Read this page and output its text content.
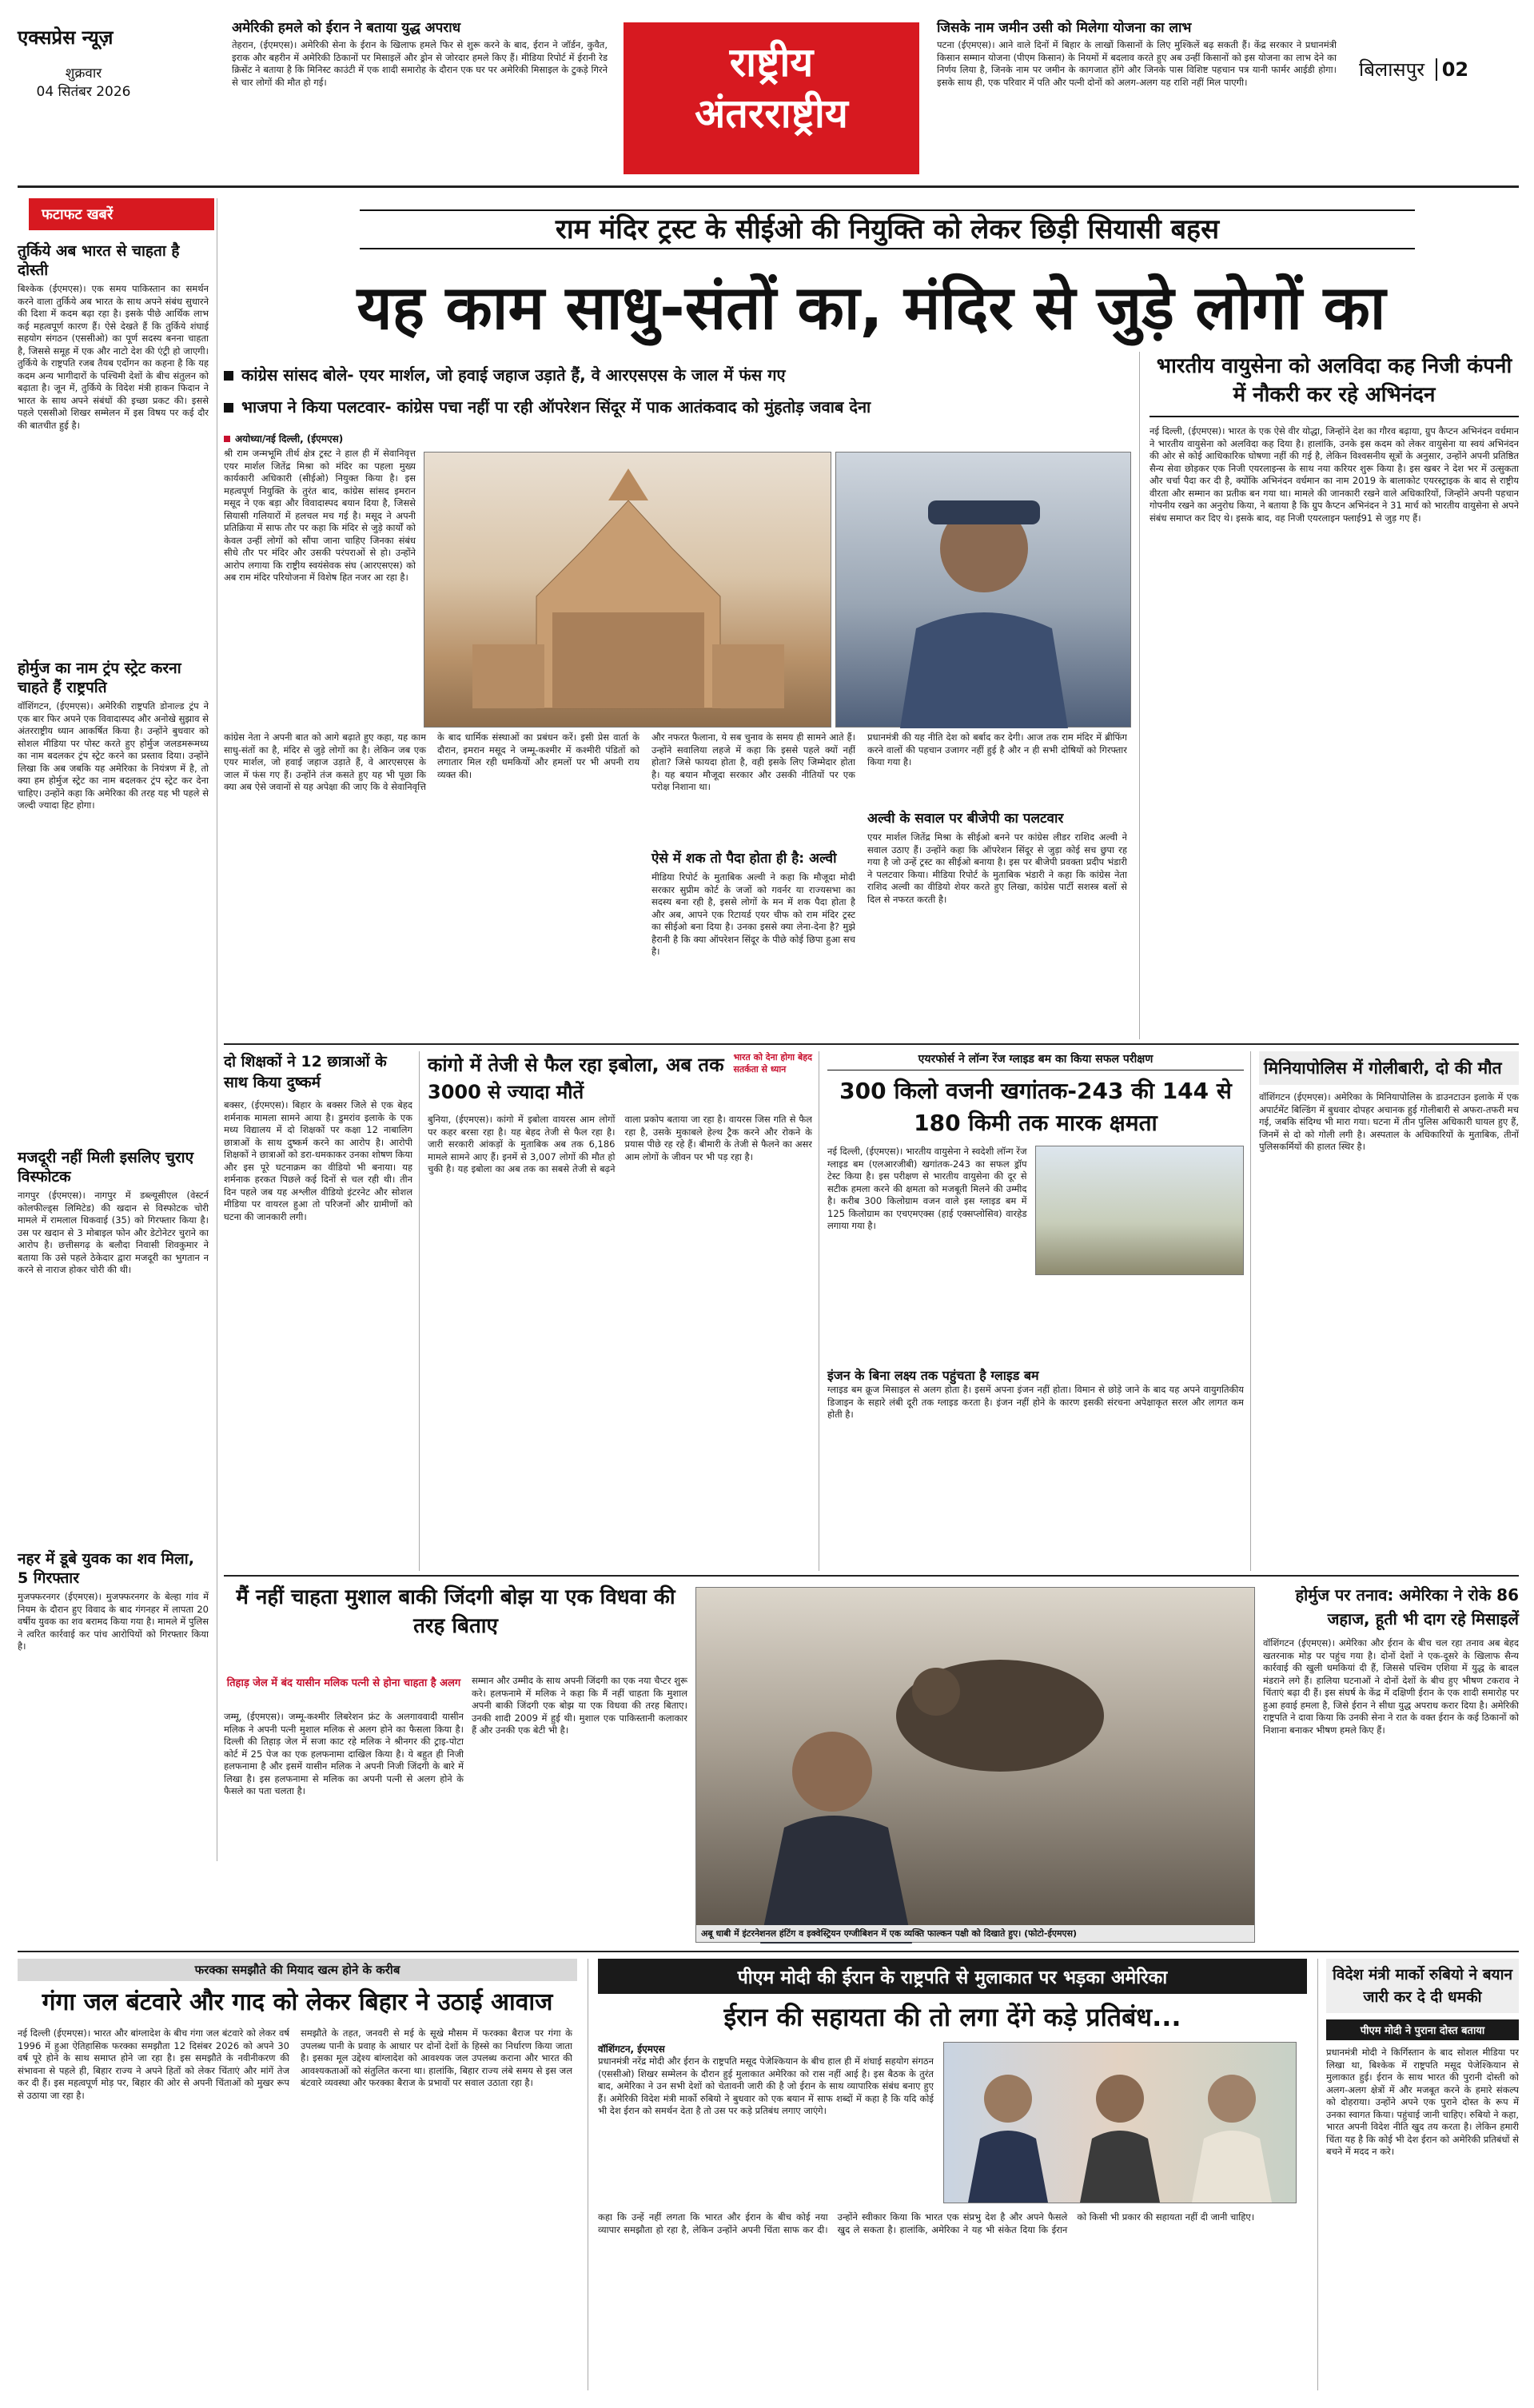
एक्सप्रेस न्यूज़
शुक्रवार
04 सितंबर 2026
अमेरिकी हमले को ईरान ने बताया युद्ध अपराध
तेहरान, (ईएमएस)। अमेरिकी सेना के ईरान के खिलाफ हमले फिर से शुरू करने के बाद, ईरान ने जॉर्डन, कुवैत, इराक और बहरीन में अमेरिकी ठिकानों पर मिसाइलें और ड्रोन से जोरदार हमले किए हैं। मीडिया रिपोर्ट में ईरानी रेड क्रिसेंट ने बताया है कि मिनिस्ट काउंटी में एक शादी समारोह के दौरान एक घर पर अमेरिकी मिसाइल के टुकड़े गिरने से चार लोगों की मौत हो गई।	राष्ट्रीय
अंतरराष्ट्रीय
जिसके नाम जमीन उसी को मिलेगा योजना का लाभ
पटना (ईएमएस)। आने वाले दिनों में बिहार के लाखों किसानों के लिए मुश्किलें बढ़ सकती हैं। केंद्र सरकार ने प्रधानमंत्री किसान सम्मान योजना (पीएम किसान) के नियमों में बदलाव करते हुए अब उन्हीं किसानों को इस योजना का लाभ देने का निर्णय लिया है, जिनके नाम पर जमीन के कागजात होंगे और जिनके पास विशिष्ट पहचान पत्र यानी फार्मर आईडी होगा। इसके साथ ही, एक परिवार में पति और पत्नी दोनों को अलग-अलग यह राशि नहीं मिल पाएगी।
बिलासपुर 02
फटाफट खबरें
तुर्किये अब भारत से चाहता है दोस्ती
बिश्केक (ईएमएस)। एक समय पाकिस्तान का समर्थन करने वाला तुर्किये अब भारत के साथ अपने संबंध सुधारने की दिशा में कदम बढ़ा रहा है। इसके पीछे आर्थिक लाभ कई महत्वपूर्ण कारण हैं। ऐसे देखते हैं कि तुर्किये शंघाई सहयोग संगठन (एससीओ) का पूर्ण सदस्य बनना चाहता है, जिससे समूह में एक और नाटो देश की एंट्री हो जाएगी। तुर्किये के राष्ट्रपति रजब तैयब एर्दोगन का कहना है कि यह कदम अन्य भागीदारों के पश्चिमी देशों के बीच संतुलन को बढ़ाता है। जून में, तुर्किये के विदेश मंत्री हाकन फिदान ने भारत के साथ अपने संबंधों की इच्छा प्रकट की। इससे पहले एससीओ शिखर सम्मेलन में इस विषय पर कई दौर की बातचीत हुई है।
होर्मुज का नाम ट्रंप स्ट्रेट करना चाहते हैं राष्ट्रपति
वॉशिंगटन, (ईएमएस)। अमेरिकी राष्ट्रपति डोनाल्ड ट्रंप ने एक बार फिर अपने एक विवादास्पद और अनोखे सुझाव से अंतरराष्ट्रीय ध्यान आकर्षित किया है। उन्होंने बुधवार को सोशल मीडिया पर पोस्ट करते हुए होर्मुज जलडमरूमध्य का नाम बदलकर ट्रंप स्ट्रेट करने का प्रस्ताव दिया। उन्होंने लिखा कि अब जबकि यह अमेरिका के नियंत्रण में है, तो क्या हम होर्मुज स्ट्रेट का नाम बदलकर ट्रंप स्ट्रेट कर देना चाहिए। उन्होंने कहा कि अमेरिका की तरह यह भी पहले से जल्दी ज्यादा हिट होगा।
मजदूरी नहीं मिली इसलिए चुराए विस्फोटक
नागपुर (ईएमएस)। नागपुर में डब्ल्यूसीएल (वेस्टर्न कोलफील्ड्स लिमिटेड) की खदान से विस्फोटक चोरी मामले में रामलाल धिकवाई (35) को गिरफ्तार किया है। उस पर खदान से 3 मोबाइल फोन और डेटोनेटर चुराने का आरोप है। छत्तीसगढ़ के बलौदा निवासी शिवकुमार ने बताया कि उसे पहले ठेकेदार द्वारा मजदूरी का भुगतान न करने से नाराज होकर चोरी की थी।
नहर में डूबे युवक का शव मिला, 5 गिरफ्तार
मुजफ्फरनगर (ईएमएस)। मुजफ्फरनगर के बेल्हा गांव में नियम के दौरान हुए विवाद के बाद गंगनहर में लापता 20 वर्षीय युवक का शव बरामद किया गया है। मामले में पुलिस ने त्वरित कार्रवाई कर पांच आरोपियों को गिरफ्तार किया है।
राम मंदिर ट्रस्ट के सीईओ की नियुक्ति को लेकर छिड़ी सियासी बहस
यह काम साधु-संतों का, मंदिर से जुड़े लोगों का
कांग्रेस सांसद बोले- एयर मार्शल, जो हवाई जहाज उड़ाते हैं, वे आरएसएस के जाल में फंस गए
भाजपा ने किया पलटवार- कांग्रेस पचा नहीं पा रही ऑपरेशन सिंदूर में पाक आतंकवाद को मुंहतोड़ जवाब देना
अयोध्या/नई दिल्ली, (ईएमएस)
श्री राम जन्मभूमि तीर्थ क्षेत्र ट्रस्ट ने हाल ही में सेवानिवृत्त एयर मार्शल जितेंद्र मिश्रा को मंदिर का पहला मुख्य कार्यकारी अधिकारी (सीईओ) नियुक्त किया है। इस महत्वपूर्ण नियुक्ति के तुरंत बाद, कांग्रेस सांसद इमरान मसूद ने एक बड़ा और विवादास्पद बयान दिया है, जिससे सियासी गलियारों में हलचल मच गई है। मसूद ने अपनी प्रतिक्रिया में साफ तौर पर कहा कि मंदिर से जुड़े कार्यों को केवल उन्हीं लोगों को सौंपा जाना चाहिए जिनका संबंध सीधे तौर पर मंदिर और उसकी परंपराओं से हो। उन्होंने आरोप लगाया कि राष्ट्रीय स्वयंसेवक संघ (आरएसएस) को अब राम मंदिर परियोजना में विशेष हित नजर आ रहा है।
कांग्रेस नेता ने अपनी बात को आगे बढ़ाते हुए कहा, यह काम साधु-संतों का है, मंदिर से जुड़े लोगों का है। लेकिन जब एक एयर मार्शल, जो हवाई जहाज उड़ाते हैं, वे आरएसएस के जाल में फंस गए हैं। उन्होंने तंज कसते हुए यह भी पूछा कि क्या अब ऐसे जवानों से यह अपेक्षा की जाए कि वे सेवानिवृत्ति के बाद धार्मिक संस्थाओं का प्रबंधन करें। इसी प्रेस वार्ता के दौरान, इमरान मसूद ने जम्मू-कश्मीर में कश्मीरी पंडितों को लगातार मिल रही धमकियों और हमलों पर भी अपनी राय व्यक्त की।
और नफरत फैलाना, ये सब चुनाव के समय ही सामने आते हैं। उन्होंने सवालिया लहजे में कहा कि इससे पहले क्यों नहीं होता? जिसे फायदा होता है, वही इसके लिए जिम्मेदार होता है। यह बयान मौजूदा सरकार और उसकी नीतियों पर एक परोक्ष निशाना था।
ऐसे में शक तो पैदा होता ही है: अल्वी
मीडिया रिपोर्ट के मुताबिक अल्वी ने कहा कि मौजूदा मोदी सरकार सुप्रीम कोर्ट के जजों को गवर्नर या राज्यसभा का सदस्य बना रही है, इससे लोगों के मन में शक पैदा होता है और अब, आपने एक रिटायर्ड एयर चीफ को राम मंदिर ट्रस्ट का सीईओ बना दिया है। उनका इससे क्या लेना-देना है? मुझे हैरानी है कि क्या ऑपरेशन सिंदूर के पीछे कोई छिपा हुआ सच है।
प्रधानमंत्री की यह नीति देश को बर्बाद कर देगी। आज तक राम मंदिर में ब्रीफिंग करने वालों की पहचान उजागर नहीं हुई है और न ही सभी दोषियों को गिरफ्तार किया गया है।
अल्वी के सवाल पर बीजेपी का पलटवार
एयर मार्शल जितेंद्र मिश्रा के सीईओ बनने पर कांग्रेस लीडर राशिद अल्वी ने सवाल उठाए हैं। उन्होंने कहा कि ऑपरेशन सिंदूर से जुड़ा कोई सच छुपा रह गया है जो उन्हें ट्रस्ट का सीईओ बनाया है। इस पर बीजेपी प्रवक्ता प्रदीप भंडारी ने पलटवार किया। मीडिया रिपोर्ट के मुताबिक भंडारी ने कहा कि कांग्रेस नेता राशिद अल्वी का वीडियो शेयर करते हुए लिखा, कांग्रेस पार्टी सशस्त्र बलों से दिल से नफरत करती है।
भारतीय वायुसेना को अलविदा कह निजी कंपनी में नौकरी कर रहे अभिनंदन
नई दिल्ली, (ईएमएस)। भारत के एक ऐसे वीर योद्धा, जिन्होंने देश का गौरव बढ़ाया, ग्रुप कैप्टन अभिनंदन वर्धमान ने भारतीय वायुसेना को अलविदा कह दिया है। हालांकि, उनके इस कदम को लेकर वायुसेना या स्वयं अभिनंदन की ओर से कोई आधिकारिक घोषणा नहीं की गई है, लेकिन विश्वसनीय सूत्रों के अनुसार, उन्होंने अपनी प्रतिष्ठित सैन्य सेवा छोड़कर एक निजी एयरलाइन्स के साथ नया करियर शुरू किया है। इस खबर ने देश भर में उत्सुकता और चर्चा पैदा कर दी है, क्योंकि अभिनंदन वर्धमान का नाम 2019 के बालाकोट एयरस्ट्राइक के बाद से राष्ट्रीय वीरता और सम्मान का प्रतीक बन गया था। मामले की जानकारी रखने वाले अधिकारियों, जिन्होंने अपनी पहचान गोपनीय रखने का अनुरोध किया, ने बताया है कि ग्रुप कैप्टन अभिनंदन ने 31 मार्च को भारतीय वायुसेना से अपने संबंध समाप्त कर दिए थे। इसके बाद, वह निजी एयरलाइन फ्लाई91 से जुड़ गए हैं।
दो शिक्षकों ने 12 छात्राओं के साथ किया दुष्कर्म
बक्सर, (ईएमएस)। बिहार के बक्सर जिले से एक बेहद शर्मनाक मामला सामने आया है। डुमरांव इलाके के एक मध्य विद्यालय में दो शिक्षकों पर कक्षा 12 नाबालिग छात्राओं के साथ दुष्कर्म करने का आरोप है। आरोपी शिक्षकों ने छात्राओं को डरा-धमकाकर उनका शोषण किया और इस पूरे घटनाक्रम का वीडियो भी बनाया। यह शर्मनाक हरकत पिछले कई दिनों से चल रही थी। तीन दिन पहले जब यह अश्लील वीडियो इंटरनेट और सोशल मीडिया पर वायरल हुआ तो परिजनों और ग्रामीणों को घटना की जानकारी लगी।
कांगो में तेजी से फैल रहा इबोला, अब तक 3000 से ज्यादा मौतें
भारत को देना होगा बेहद सतर्कता से ध्यान
बुनिया, (ईएमएस)। कांगो में इबोला वायरस आम लोगों पर कहर बरसा रहा है। यह बेहद तेजी से फैल रहा है। जारी सरकारी आंकड़ों के मुताबिक अब तक 6,186 मामले सामने आए हैं। इनमें से 3,007 लोगों की मौत हो चुकी है। यह इबोला का अब तक का सबसे तेजी से बढ़ने वाला प्रकोप बताया जा रहा है। वायरस जिस गति से फैल रहा है, उसके मुकाबले हेल्थ ट्रैक करने और रोकने के प्रयास पीछे रह रहे हैं। बीमारी के तेजी से फैलने का असर आम लोगों के जीवन पर भी पड़ रहा है।
एयरफोर्स ने लॉन्ग रेंज ग्लाइड बम का किया सफल परीक्षण
300 किलो वजनी खगांतक-243 की 144 से 180 किमी तक मारक क्षमता
नई दिल्ली, (ईएमएस)। भारतीय वायुसेना ने स्वदेशी लॉन्ग रेंज ग्लाइड बम (एलआरजीबी) खगांतक-243 का सफल ड्रॉप टेस्ट किया है। इस परीक्षण से भारतीय वायुसेना की दूर से सटीक हमला करने की क्षमता को मजबूती मिलने की उम्मीद है। करीब 300 किलोग्राम वजन वाले इस ग्लाइड बम में 125 किलोग्राम का एचएमएक्स (हाई एक्सप्लोसिव) वारहेड लगाया गया है।
इंजन के बिना लक्ष्य तक पहुंचता है ग्लाइड बम
ग्लाइड बम क्रूज मिसाइल से अलग होता है। इसमें अपना इंजन नहीं होता। विमान से छोड़े जाने के बाद यह अपने वायुगतिकीय डिजाइन के सहारे लंबी दूरी तक ग्लाइड करता है। इंजन नहीं होने के कारण इसकी संरचना अपेक्षाकृत सरल और लागत कम होती है।
मिनियापोलिस में गोलीबारी, दो की मौत
वॉशिंगटन (ईएमएस)। अमेरिका के मिनियापोलिस के डाउनटाउन इलाके में एक अपार्टमेंट बिल्डिंग में बुधवार दोपहर अचानक हुई गोलीबारी से अफरा-तफरी मच गई, जबकि संदिग्ध भी मारा गया। घटना में तीन पुलिस अधिकारी घायल हुए हैं, जिनमें से दो को गोली लगी है। अस्पताल के अधिकारियों के मुताबिक, तीनों पुलिसकर्मियों की हालत स्थिर है।
मैं नहीं चाहता मुशाल बाकी जिंदगी बोझ या एक विधवा की तरह बिताए
तिहाड़ जेल में बंद यासीन मलिक पत्नी से होना चाहता है अलग
जम्मू, (ईएमएस)। जम्मू-कश्मीर लिबरेशन फ्रंट के अलगाववादी यासीन मलिक ने अपनी पत्नी मुशाल मलिक से अलग होने का फैसला किया है। दिल्ली की तिहाड़ जेल में सजा काट रहे मलिक ने श्रीनगर की ट्राइ-पोटा कोर्ट में 25 पेज का एक हलफनामा दाखिल किया है। ये बहुत ही निजी हलफनामा है और इसमें यासीन मलिक ने अपनी निजी जिंदगी के बारे में लिखा है। इस हलफनामा से मलिक का अपनी पत्नी से अलग होने के फैसले का पता चलता है।
सम्मान और उम्मीद के साथ अपनी जिंदगी का एक नया चैप्टर शुरू करे। हलफनामे में मलिक ने कहा कि मैं नहीं चाहता कि मुशाल अपनी बाकी जिंदगी एक बोझ या एक विधवा की तरह बिताए। उनकी शादी 2009 में हुई थी। मुशाल एक पाकिस्तानी कलाकार हैं और उनकी एक बेटी भी है।
अबू धाबी में इंटरनेशनल हंटिंग व इक्वेस्ट्रियन एग्जीबिशन में एक व्यक्ति फाल्कन पक्षी को दिखाते हुए। (फोटो-ईएमएस)
होर्मुज पर तनाव: अमेरिका ने रोके 86 जहाज, हूती भी दाग रहे मिसाइलें
वॉशिंगटन (ईएमएस)। अमेरिका और ईरान के बीच चल रहा तनाव अब बेहद खतरनाक मोड़ पर पहुंच गया है। दोनों देशों ने एक-दूसरे के खिलाफ सैन्य कार्रवाई की खुली धमकियां दी हैं, जिससे पश्चिम एशिया में युद्ध के बादल मंडराने लगे हैं। हालिया घटनाओं ने दोनों देशों के बीच हुए भीषण टकराव ने चिंताएं बढ़ा दी हैं। इस संघर्ष के केंद्र में दक्षिणी ईरान के एक शादी समारोह पर हुआ हवाई हमला है, जिसे ईरान ने सीधा युद्ध अपराध करार दिया है। अमेरिकी राष्ट्रपति ने दावा किया कि उनकी सेना ने रात के वक्त ईरान के कई ठिकानों को निशाना बनाकर भीषण हमले किए हैं।
फरक्का समझौते की मियाद खत्म होने के करीब
गंगा जल बंटवारे और गाद को लेकर बिहार ने उठाई आवाज
नई दिल्ली (ईएमएस)। भारत और बांग्लादेश के बीच गंगा जल बंटवारे को लेकर वर्ष 1996 में हुआ ऐतिहासिक फरक्का समझौता 12 दिसंबर 2026 को अपने 30 वर्ष पूरे होने के साथ समाप्त होने जा रहा है। इस समझौते के नवीनीकरण की संभावना से पहले ही, बिहार राज्य ने अपने हितों को लेकर चिंताएं और मांगें तेज कर दी हैं। इस महत्वपूर्ण मोड़ पर, बिहार की ओर से अपनी चिंताओं को मुखर रूप से उठाया जा रहा है।
समझौते के तहत, जनवरी से मई के सूखे मौसम में फरक्का बैराज पर गंगा के उपलब्ध पानी के प्रवाह के आधार पर दोनों देशों के हिस्से का निर्धारण किया जाता है। इसका मूल उद्देश्य बांग्लादेश को आवश्यक जल उपलब्ध कराना और भारत की आवश्यकताओं को संतुलित करना था। हालांकि, बिहार राज्य लंबे समय से इस जल बंटवारे व्यवस्था और फरक्का बैराज के प्रभावों पर सवाल उठाता रहा है।
पीएम मोदी की ईरान के राष्ट्रपति से मुलाकात पर भड़का अमेरिका
ईरान की सहायता की तो लगा देंगे कड़े प्रतिबंध...
वॉशिंगटन, ईएमएस
प्रधानमंत्री नरेंद्र मोदी और ईरान के राष्ट्रपति मसूद पेजेश्कियान के बीच हाल ही में शंघाई सहयोग संगठन (एससीओ) शिखर सम्मेलन के दौरान हुई मुलाकात अमेरिका को रास नहीं आई है। इस बैठक के तुरंत बाद, अमेरिका ने उन सभी देशों को चेतावनी जारी की है जो ईरान के साथ व्यापारिक संबंध बनाए हुए हैं। अमेरिकी विदेश मंत्री मार्को रुबियो ने बुधवार को एक बयान में साफ शब्दों में कहा है कि यदि कोई भी देश ईरान को समर्थन देता है तो उस पर कड़े प्रतिबंध लगाए जाएंगे।
कहा कि उन्हें नहीं लगता कि भारत और ईरान के बीच कोई नया व्यापार समझौता हो रहा है, लेकिन उन्होंने अपनी चिंता साफ कर दी। उन्होंने स्वीकार किया कि भारत एक संप्रभु देश है और अपने फैसले खुद ले सकता है। हालांकि, अमेरिका ने यह भी संकेत दिया कि ईरान को किसी भी प्रकार की सहायता नहीं दी जानी चाहिए।
विदेश मंत्री मार्को रुबियो ने बयान जारी कर दे दी धमकी
पीएम मोदी ने पुराना दोस्त बताया
प्रधानमंत्री मोदी ने किर्गिस्तान के बाद सोशल मीडिया पर लिखा था, बिश्केक में राष्ट्रपति मसूद पेजेश्कियान से मुलाकात हुई। ईरान के साथ भारत की पुरानी दोस्ती को अलग-अलग क्षेत्रों में और मजबूत करने के हमारे संकल्प को दोहराया। उन्होंने अपने एक पुराने दोस्त के रूप में उनका स्वागत किया। पहुंचाई जानी चाहिए। रुबियो ने कहा, भारत अपनी विदेश नीति खुद तय करता है। लेकिन हमारी चिंता यह है कि कोई भी देश ईरान को अमेरिकी प्रतिबंधों से बचने में मदद न करे।
